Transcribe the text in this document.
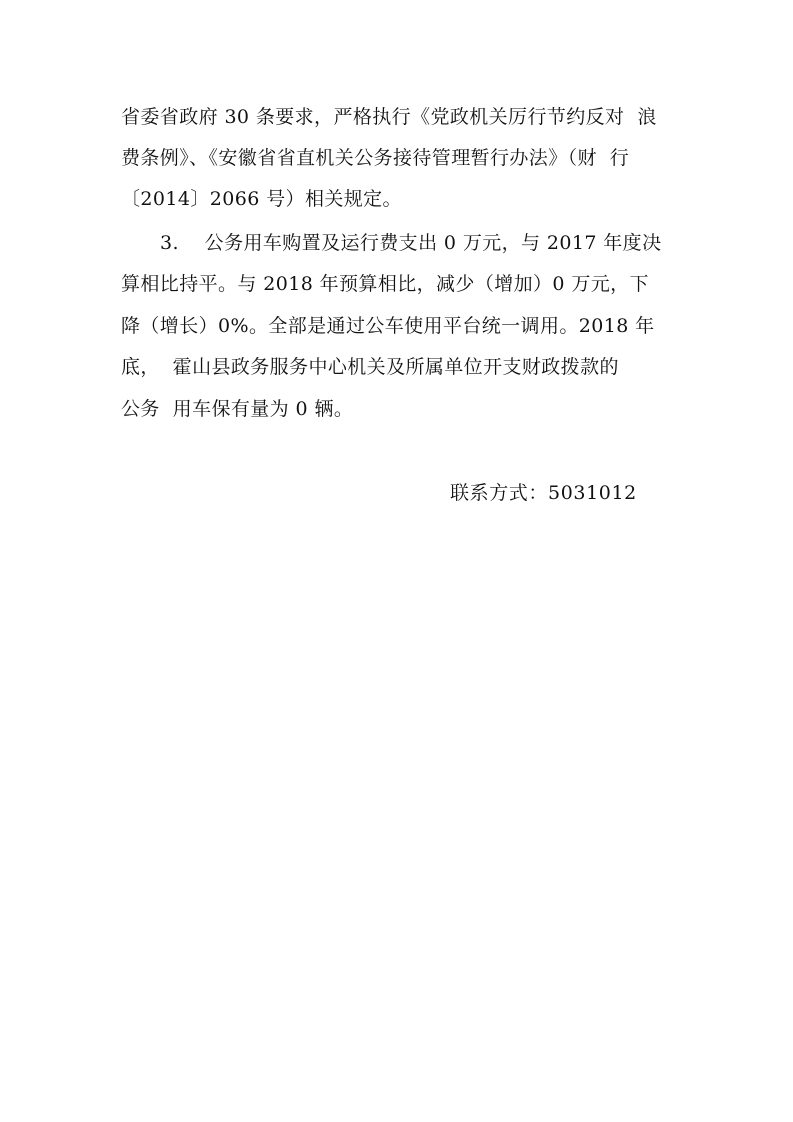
省委省政府 30 条要求，严格执行《党政机关厉行节约反对  浪
费条例》、《安徽省省直机关公务接待管理暂行办法》（财  行
〔2014〕2066 号）相关规定。
3.    公务用车购置及运行费支出 0 万元，与 2017 年度决
算相比持平。与 2018 年预算相比，减少（增加）0 万元，下
降（增长）0%。全部是通过公车使用平台统一调用。2018 年
底，  霍山县政务服务中心机关及所属单位开支财政拨款的
公务  用车保有量为 0 辆。
联系方式：5031012
